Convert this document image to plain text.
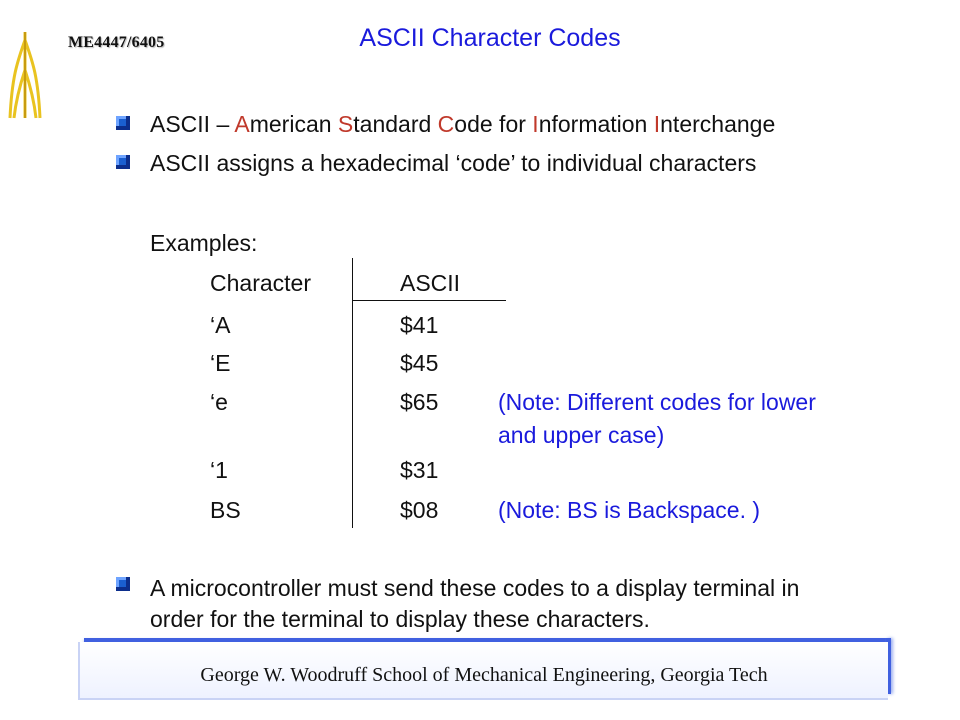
ME4447/6405	ASCII Character Codes
ASCII – American Standard Code for Information Interchange
ASCII assigns a hexadecimal ‘code’ to individual characters
Examples:
Character	ASCII
‘A	$41
‘E	$45
‘e	$65	(Note: Different codes for lower
and upper case)
‘1	$31
BS	$08	(Note: BS is Backspace. )
A microcontroller must send these codes to a display terminal in
order for the terminal to display these characters.
George W. Woodruff School of Mechanical Engineering, Georgia Tech
